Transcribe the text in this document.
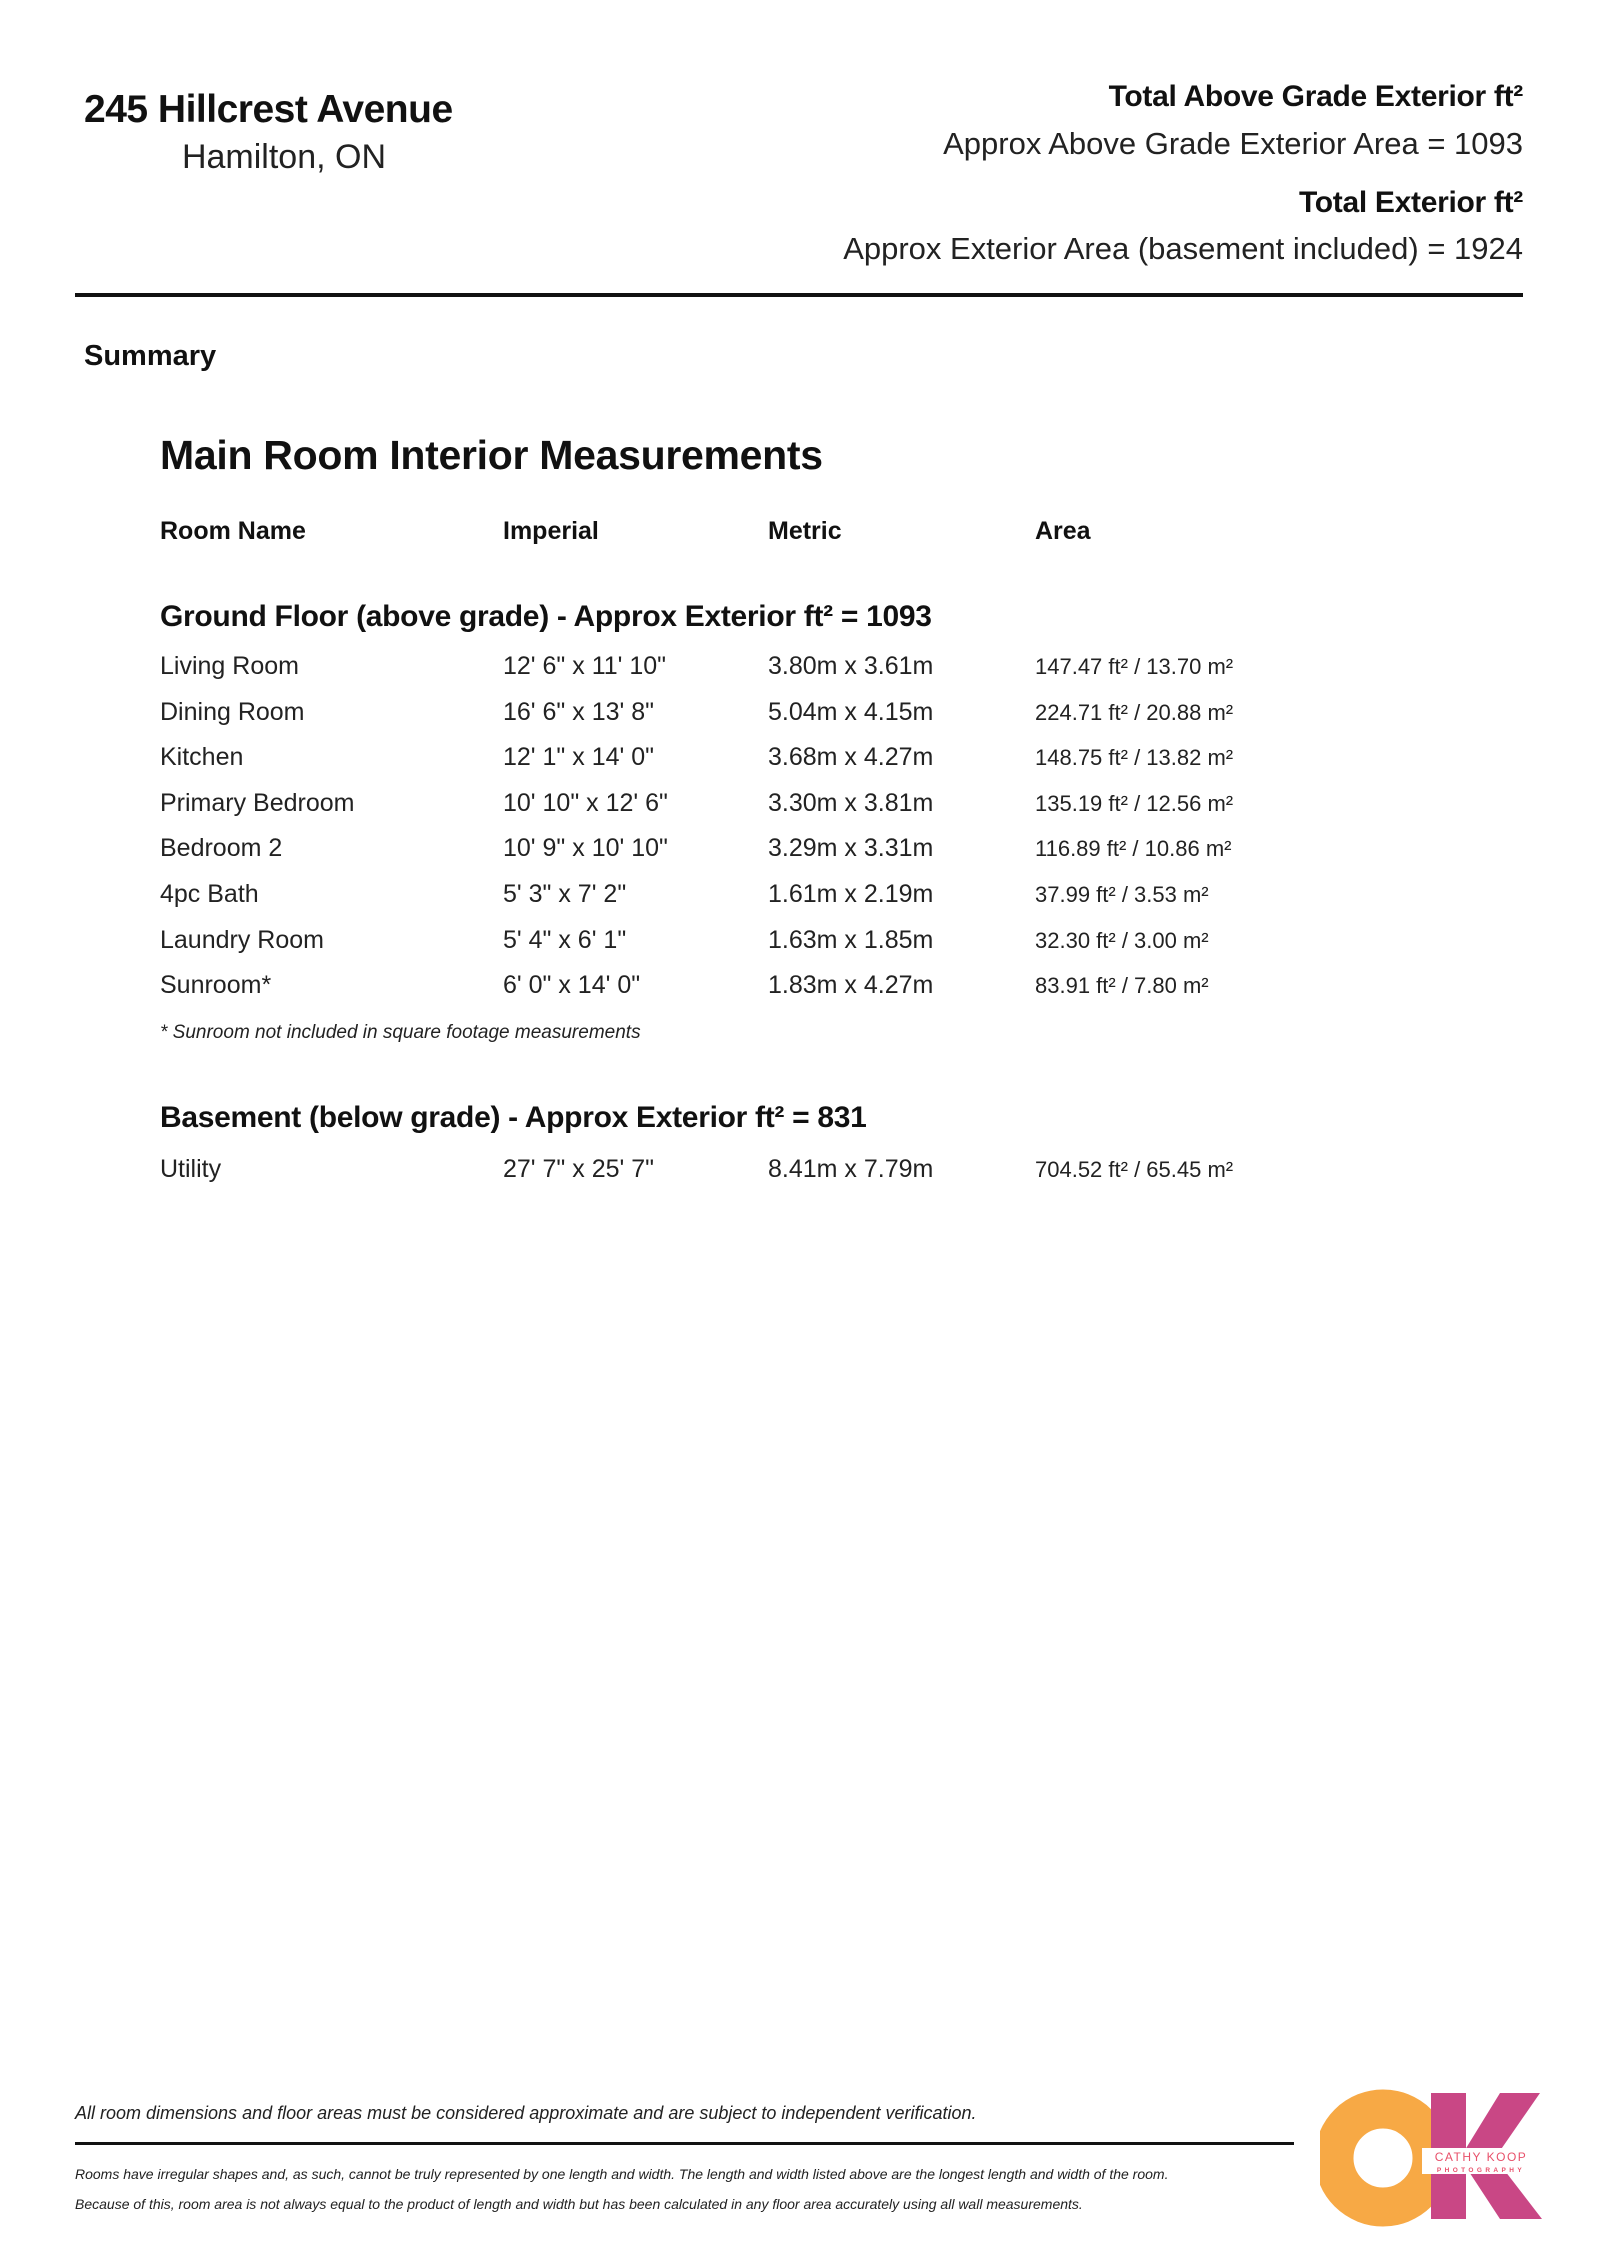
245 Hillcrest Avenue
Hamilton, ON
Total Above Grade Exterior ft²
Approx Above Grade Exterior Area = 1093
Total Exterior ft²
Approx Exterior Area (basement included) = 1924
Summary
Main Room Interior Measurements
Room Name	Imperial	Metric	Area
Ground Floor (above grade) - Approx Exterior ft² = 1093
Living Room	12' 6" x 11' 10"	3.80m x 3.61m	147.47 ft² / 13.70 m²
Dining Room	16' 6" x 13' 8"	5.04m x 4.15m	224.71 ft² / 20.88 m²
Kitchen	12' 1" x 14' 0"	3.68m x 4.27m	148.75 ft² / 13.82 m²
Primary Bedroom	10' 10" x 12' 6"	3.30m x 3.81m	135.19 ft² / 12.56 m²
Bedroom 2	10' 9" x 10' 10"	3.29m x 3.31m	116.89 ft² / 10.86 m²
4pc Bath	5' 3" x 7' 2"	1.61m x 2.19m	37.99 ft² / 3.53 m²
Laundry Room	5' 4" x 6' 1"	1.63m x 1.85m	32.30 ft² / 3.00 m²
Sunroom*	6' 0" x 14' 0"	1.83m x 4.27m	83.91 ft² / 7.80 m²
Basement (below grade) - Approx Exterior ft² = 831
Utility	27' 7" x 25' 7"	8.41m x 7.79m	704.52 ft² / 65.45 m²
* Sunroom not included in square footage measurements
All room dimensions and floor areas must be considered approximate and are subject to independent verification.
Rooms have irregular shapes and, as such, cannot be truly represented by one length and width. The length and width listed above are the longest length and width of the room.
Because of this, room area is not always equal to the product of length and width but has been calculated in any floor area accurately using all wall measurements.
CATHY KOOP
PHOTOGRAPHY
